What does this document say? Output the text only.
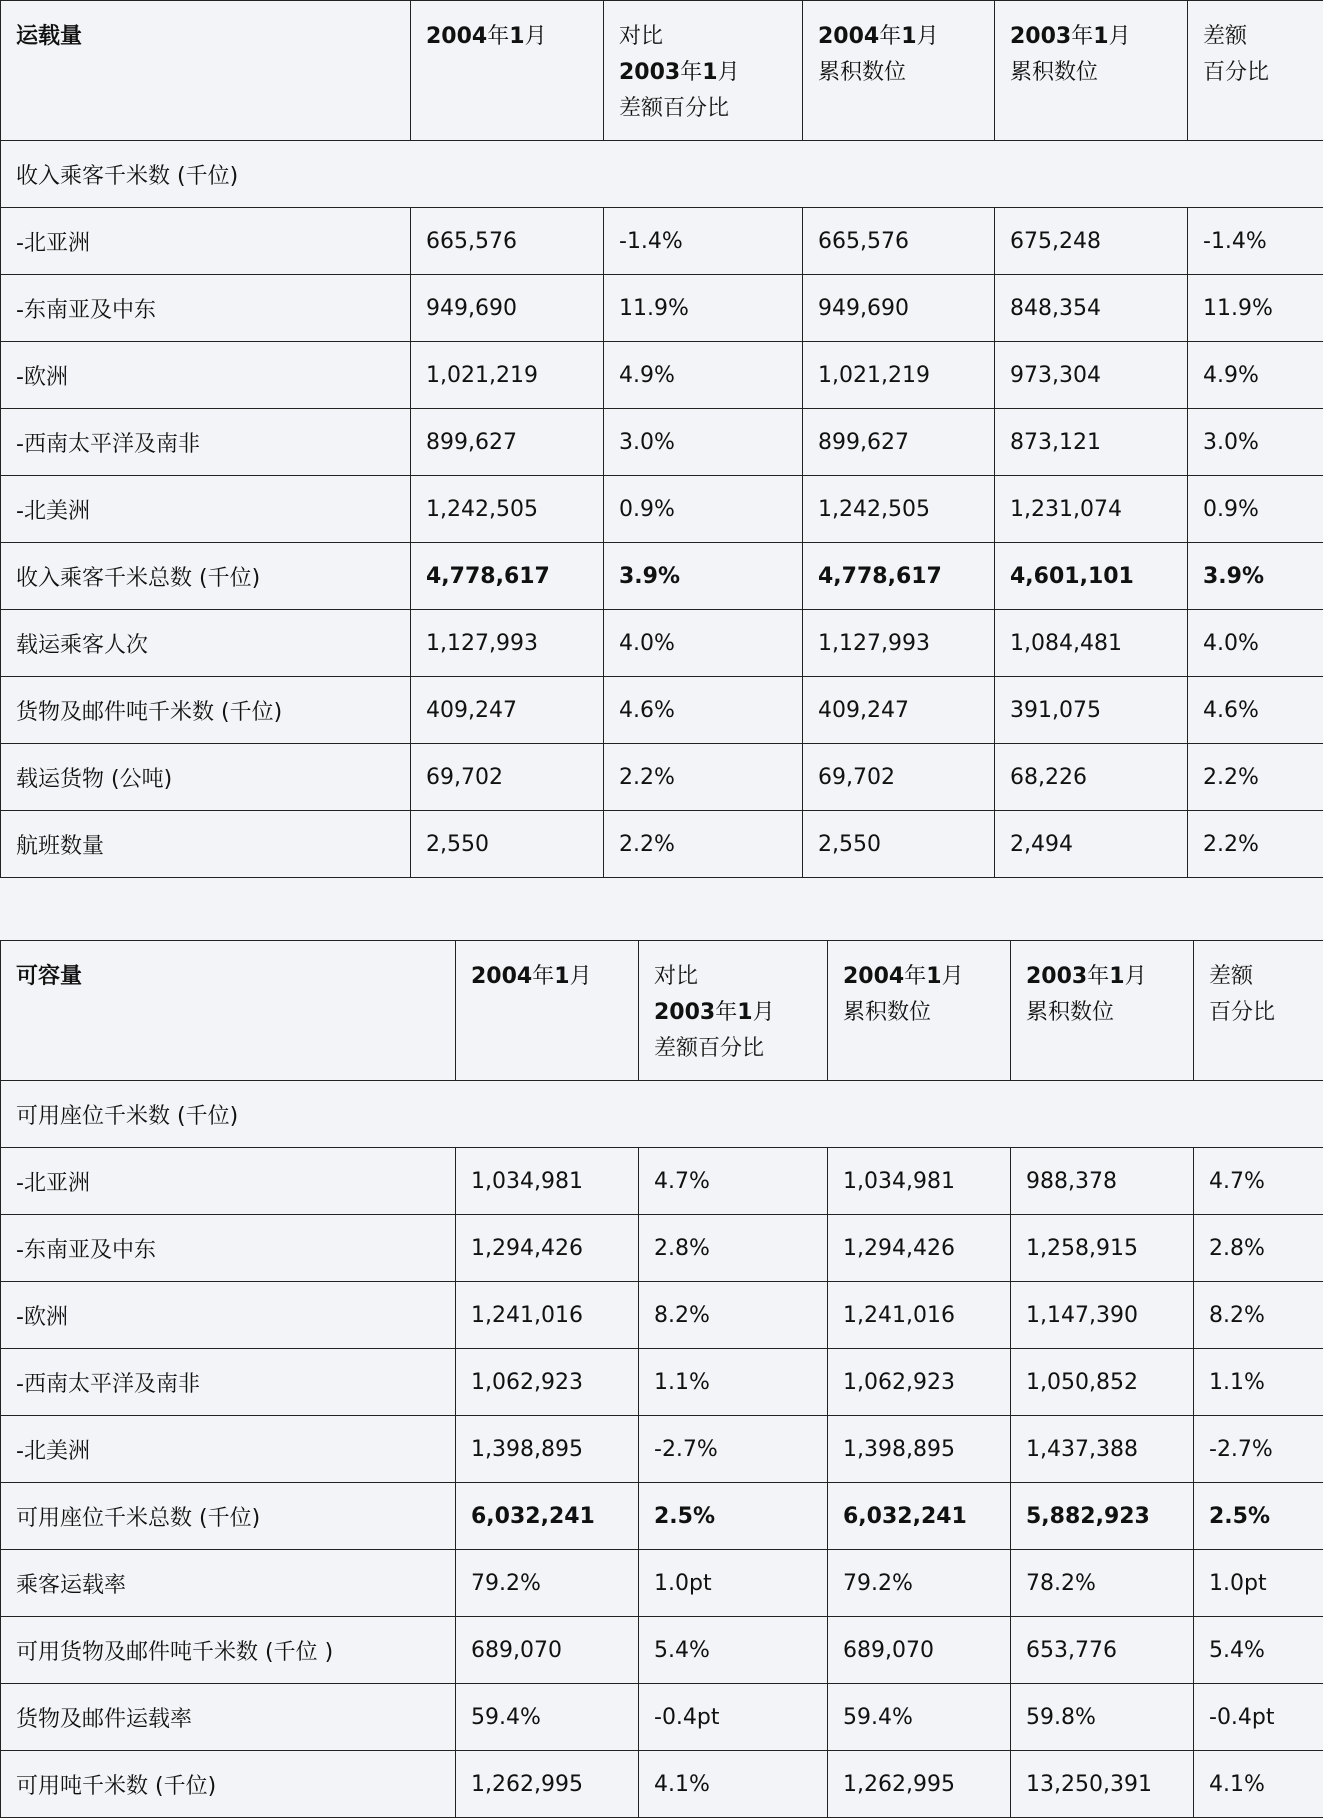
运载量	2004年1月	对比
2003年1月
差额百分比	2004年1月
累积数位	2003年1月
累积数位	差额
百分比

收入乘客千米数 (千位)					
-北亚洲	665,576	-1.4%	665,576	675,248	-1.4%
-东南亚及中东	949,690	11.9%	949,690	848,354	11.9%
-欧洲	1,021,219	4.9%	1,021,219	973,304	4.9%
-西南太平洋及南非	899,627	3.0%	899,627	873,121	3.0%
-北美洲	1,242,505	0.9%	1,242,505	1,231,074	0.9%
收入乘客千米总数 (千位)	4,778,617	3.9%	4,778,617	4,601,101	3.9%
载运乘客人次	1,127,993	4.0%	1,127,993	1,084,481	4.0%
货物及邮件吨千米数 (千位)	409,247	4.6%	409,247	391,075	4.6%
载运货物 (公吨)	69,702	2.2%	69,702	68,226	2.2%
航班数量	2,550	2.2%	2,550	2,494	2.2%
可容量	2004年1月	对比
2003年1月
差额百分比	2004年1月
累积数位	2003年1月
累积数位	差额
百分比

可用座位千米数 (千位)					
-北亚洲	1,034,981	4.7%	1,034,981	988,378	4.7%
-东南亚及中东	1,294,426	2.8%	1,294,426	1,258,915	2.8%
-欧洲	1,241,016	8.2%	1,241,016	1,147,390	8.2%
-西南太平洋及南非	1,062,923	1.1%	1,062,923	1,050,852	1.1%
-北美洲	1,398,895	-2.7%	1,398,895	1,437,388	-2.7%
可用座位千米总数 (千位)	6,032,241	2.5%	6,032,241	5,882,923	2.5%
乘客运载率	79.2%	1.0pt	79.2%	78.2%	1.0pt
可用货物及邮件吨千米数 (千位 )	689,070	5.4%	689,070	653,776	5.4%
货物及邮件运载率	59.4%	-0.4pt	59.4%	59.8%	-0.4pt
可用吨千米数 (千位)	1,262,995	4.1%	1,262,995	13,250,391	4.1%
